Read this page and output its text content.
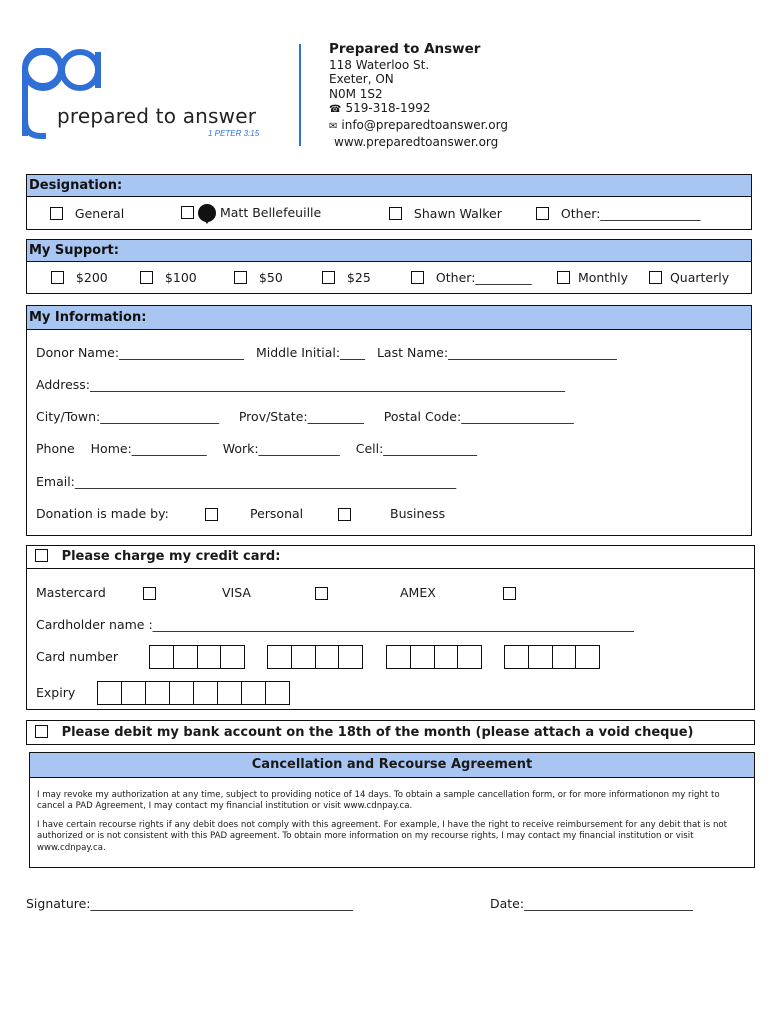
prepared to answer
1 PETER 3:15
Prepared to Answer
118 Waterloo St.
Exeter, ON
N0M 1S2
☎ 519-318-1992
✉ info@preparedtoanswer.org
www.preparedtoanswer.org
Designation:
General	Matt Bellefeuille	Shawn Walker	Other:________________
My Support:
$200	$100	$50	$25	Other:_________	Monthly	Quarterly
My Information:
Donor Name:____________________ Middle Initial:____ Last Name:___________________________
Address:____________________________________________________________________________
City/Town:___________________ Prov/State:_________ Postal Code:__________________
Phone Home:____________ Work:_____________ Cell:_______________
Email:_____________________________________________________________
Donation is made by:	Personal	Business
Please charge my credit card:
Mastercard	VISA	AMEX
Cardholder name :_____________________________________________________________________________
Card number
Expiry
Please debit my bank account on the 18th of the month (please attach a void cheque)
Cancellation and Recourse Agreement

I may revoke my authorization at any time, subject to providing notice of 14 days. To obtain a sample cancellation form, or for more informationon my right to cancel a PAD Agreement, I may contact my financial institution or visit www.cdnpay.ca.

I have certain recourse rights if any debit does not comply with this agreement. For example, I have the right to receive reimbursement for any debit that is not authorized or is not consistent with this PAD agreement. To obtain more information on my recourse rights, I may contact my financial institution or visit www.cdnpay.ca.

Signature:__________________________________________	Date:___________________________
